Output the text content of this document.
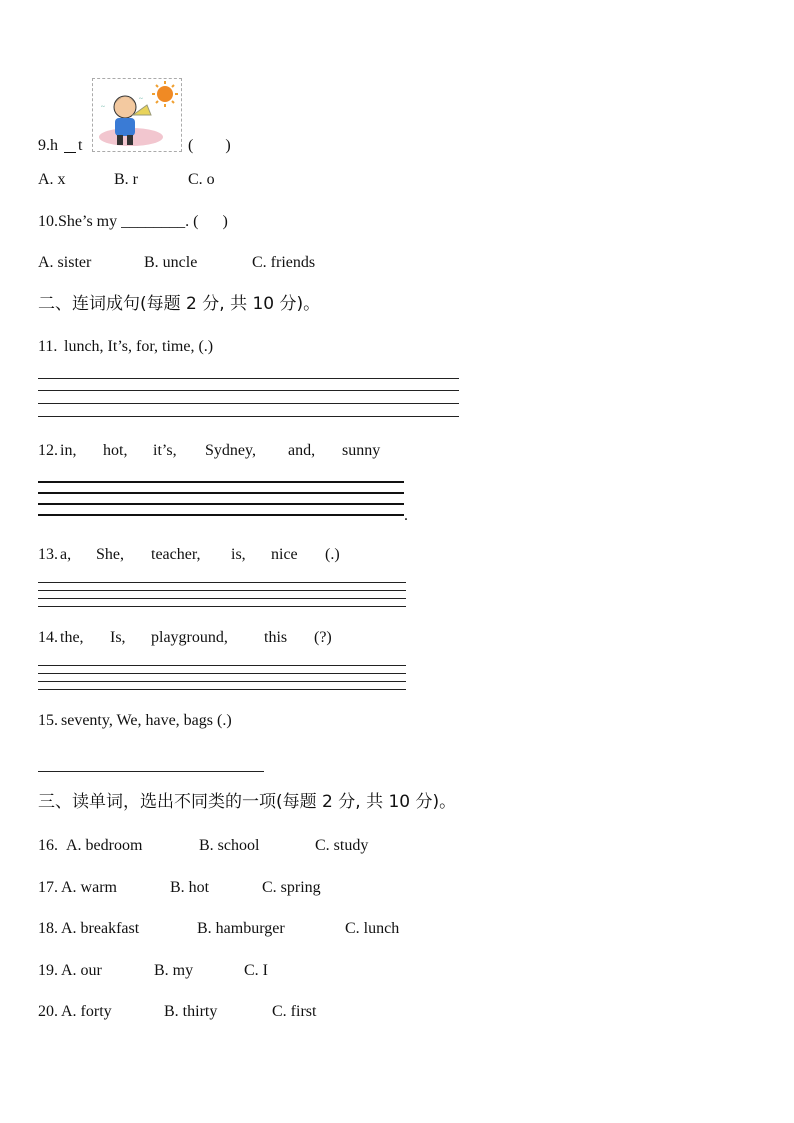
9.h t
~
~
(        )
A. x	B. r	C. o
10.She’s my ________. (      )
A. sister	B. uncle	C. friends
二、连词成句(每题 2 分, 共 10 分)。
11. lunch, It’s, for, time, (.)
12. in, hot, it’s, Sydney, and, sunny
.
13. a, She, teacher, is, nice (.)
14. the, Is, playground, this (?)
15. seventy, We, have, bags (.)
三、读单词，选出不同类的一项(每题 2 分, 共 10 分)。
16. A. bedroom	B. school	C. study
17. A. warm	B. hot	C. spring
18. A. breakfast	B. hamburger	C. lunch
19. A. our	B. my	C. I
20. A. forty	B. thirty	C. first
